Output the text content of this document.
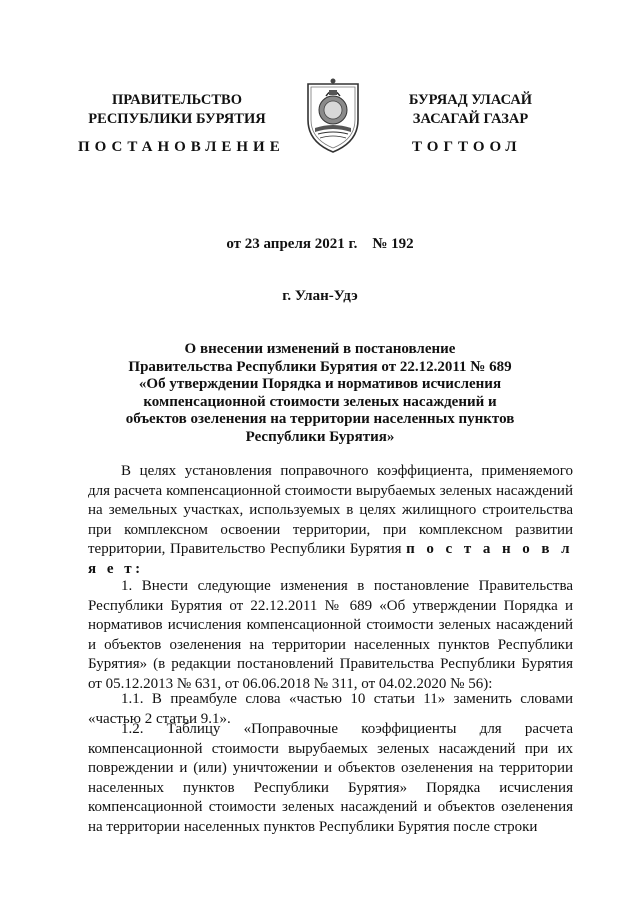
ПРАВИТЕЛЬСТВО
РЕСПУБЛИКИ БУРЯТИЯ
БУРЯАД УЛАСАЙ
ЗАСАГАЙ ГАЗАР
ПОСТАНОВЛЕНИЕ	ТОГТООЛ
от 23 апреля 2021 г.    № 192
г. Улан-Удэ
О внесении изменений в постановление
Правительства Республики Бурятия от 22.12.2011 № 689
«Об утверждении Порядка и нормативов исчисления
компенсационной стоимости зеленых насаждений и
объектов озеленения на территории населенных пунктов
Республики Бурятия»
В целях установления поправочного коэффициента, применяемого для расчета компенсационной стоимости вырубаемых зеленых насаждений на земельных участках, используемых в целях жилищного строительства при комплексном освоении территории, при комплексном развитии территории, Правительство Республики Бурятия п о с т а н о в л я е т:
1. Внести следующие изменения в постановление Правительства Республики Бурятия от 22.12.2011 № 689 «Об утверждении Порядка и нормативов исчисления компенсационной стоимости зеленых насаждений и объектов озеленения на территории населенных пунктов Республики Бурятия» (в редакции постановлений Правительства Республики Бурятия от 05.12.2013 № 631, от 06.06.2018 № 311, от 04.02.2020 № 56):
1.1. В преамбуле слова «частью 10 статьи 11» заменить словами «частью 2 статьи 9.1».
1.2. Таблицу «Поправочные коэффициенты для расчета компенсационной стоимости вырубаемых зеленых насаждений при их повреждении и (или) уничтожении и объектов озеленения на территории населенных пунктов Республики Бурятия» Порядка исчисления компенсационной стоимости зеленых насаждений и объектов озеленения на территории населенных пунктов Республики Бурятия после строки
